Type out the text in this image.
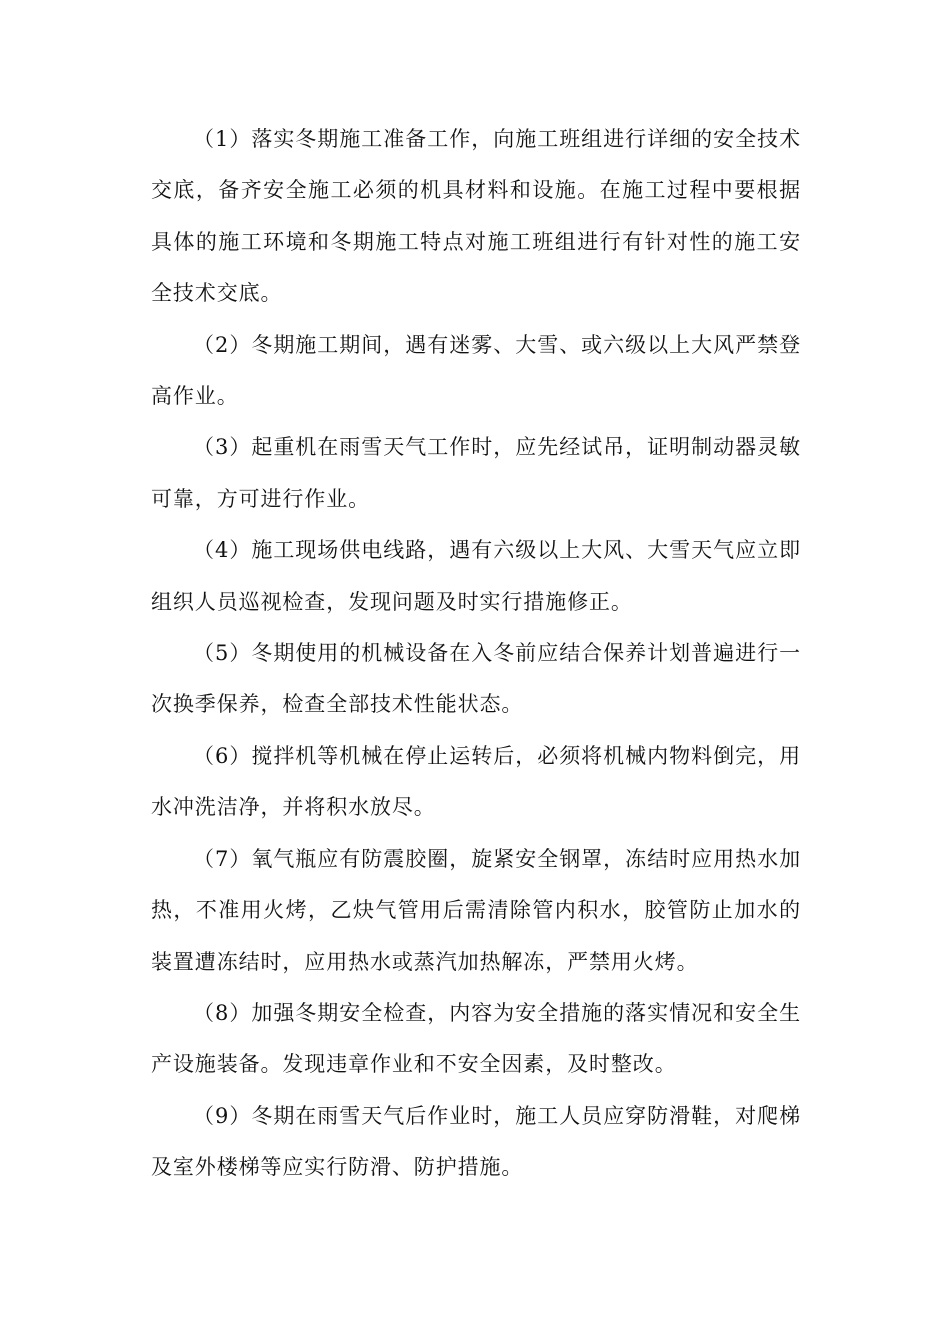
（1）落实冬期施工准备工作，向施工班组进行详细的安全技术交底，备齐安全施工必须的机具材料和设施。在施工过程中要根据具体的施工环境和冬期施工特点对施工班组进行有针对性的施工安全技术交底。

（2）冬期施工期间，遇有迷雾、大雪、或六级以上大风严禁登高作业。

（3）起重机在雨雪天气工作时，应先经试吊，证明制动器灵敏可靠，方可进行作业。

（4）施工现场供电线路，遇有六级以上大风、大雪天气应立即组织人员巡视检查，发现问题及时实行措施修正。

（5）冬期使用的机械设备在入冬前应结合保养计划普遍进行一次换季保养，检查全部技术性能状态。

（6）搅拌机等机械在停止运转后，必须将机械内物料倒完，用水冲洗洁净，并将积水放尽。

（7）氧气瓶应有防震胶圈，旋紧安全钢罩，冻结时应用热水加热，不准用火烤，乙炔气管用后需清除管内积水，胶管防止加水的装置遭冻结时，应用热水或蒸汽加热解冻，严禁用火烤。

（8）加强冬期安全检查，内容为安全措施的落实情况和安全生产设施装备。发现违章作业和不安全因素，及时整改。

（9）冬期在雨雪天气后作业时，施工人员应穿防滑鞋，对爬梯及室外楼梯等应实行防滑、防护措施。
